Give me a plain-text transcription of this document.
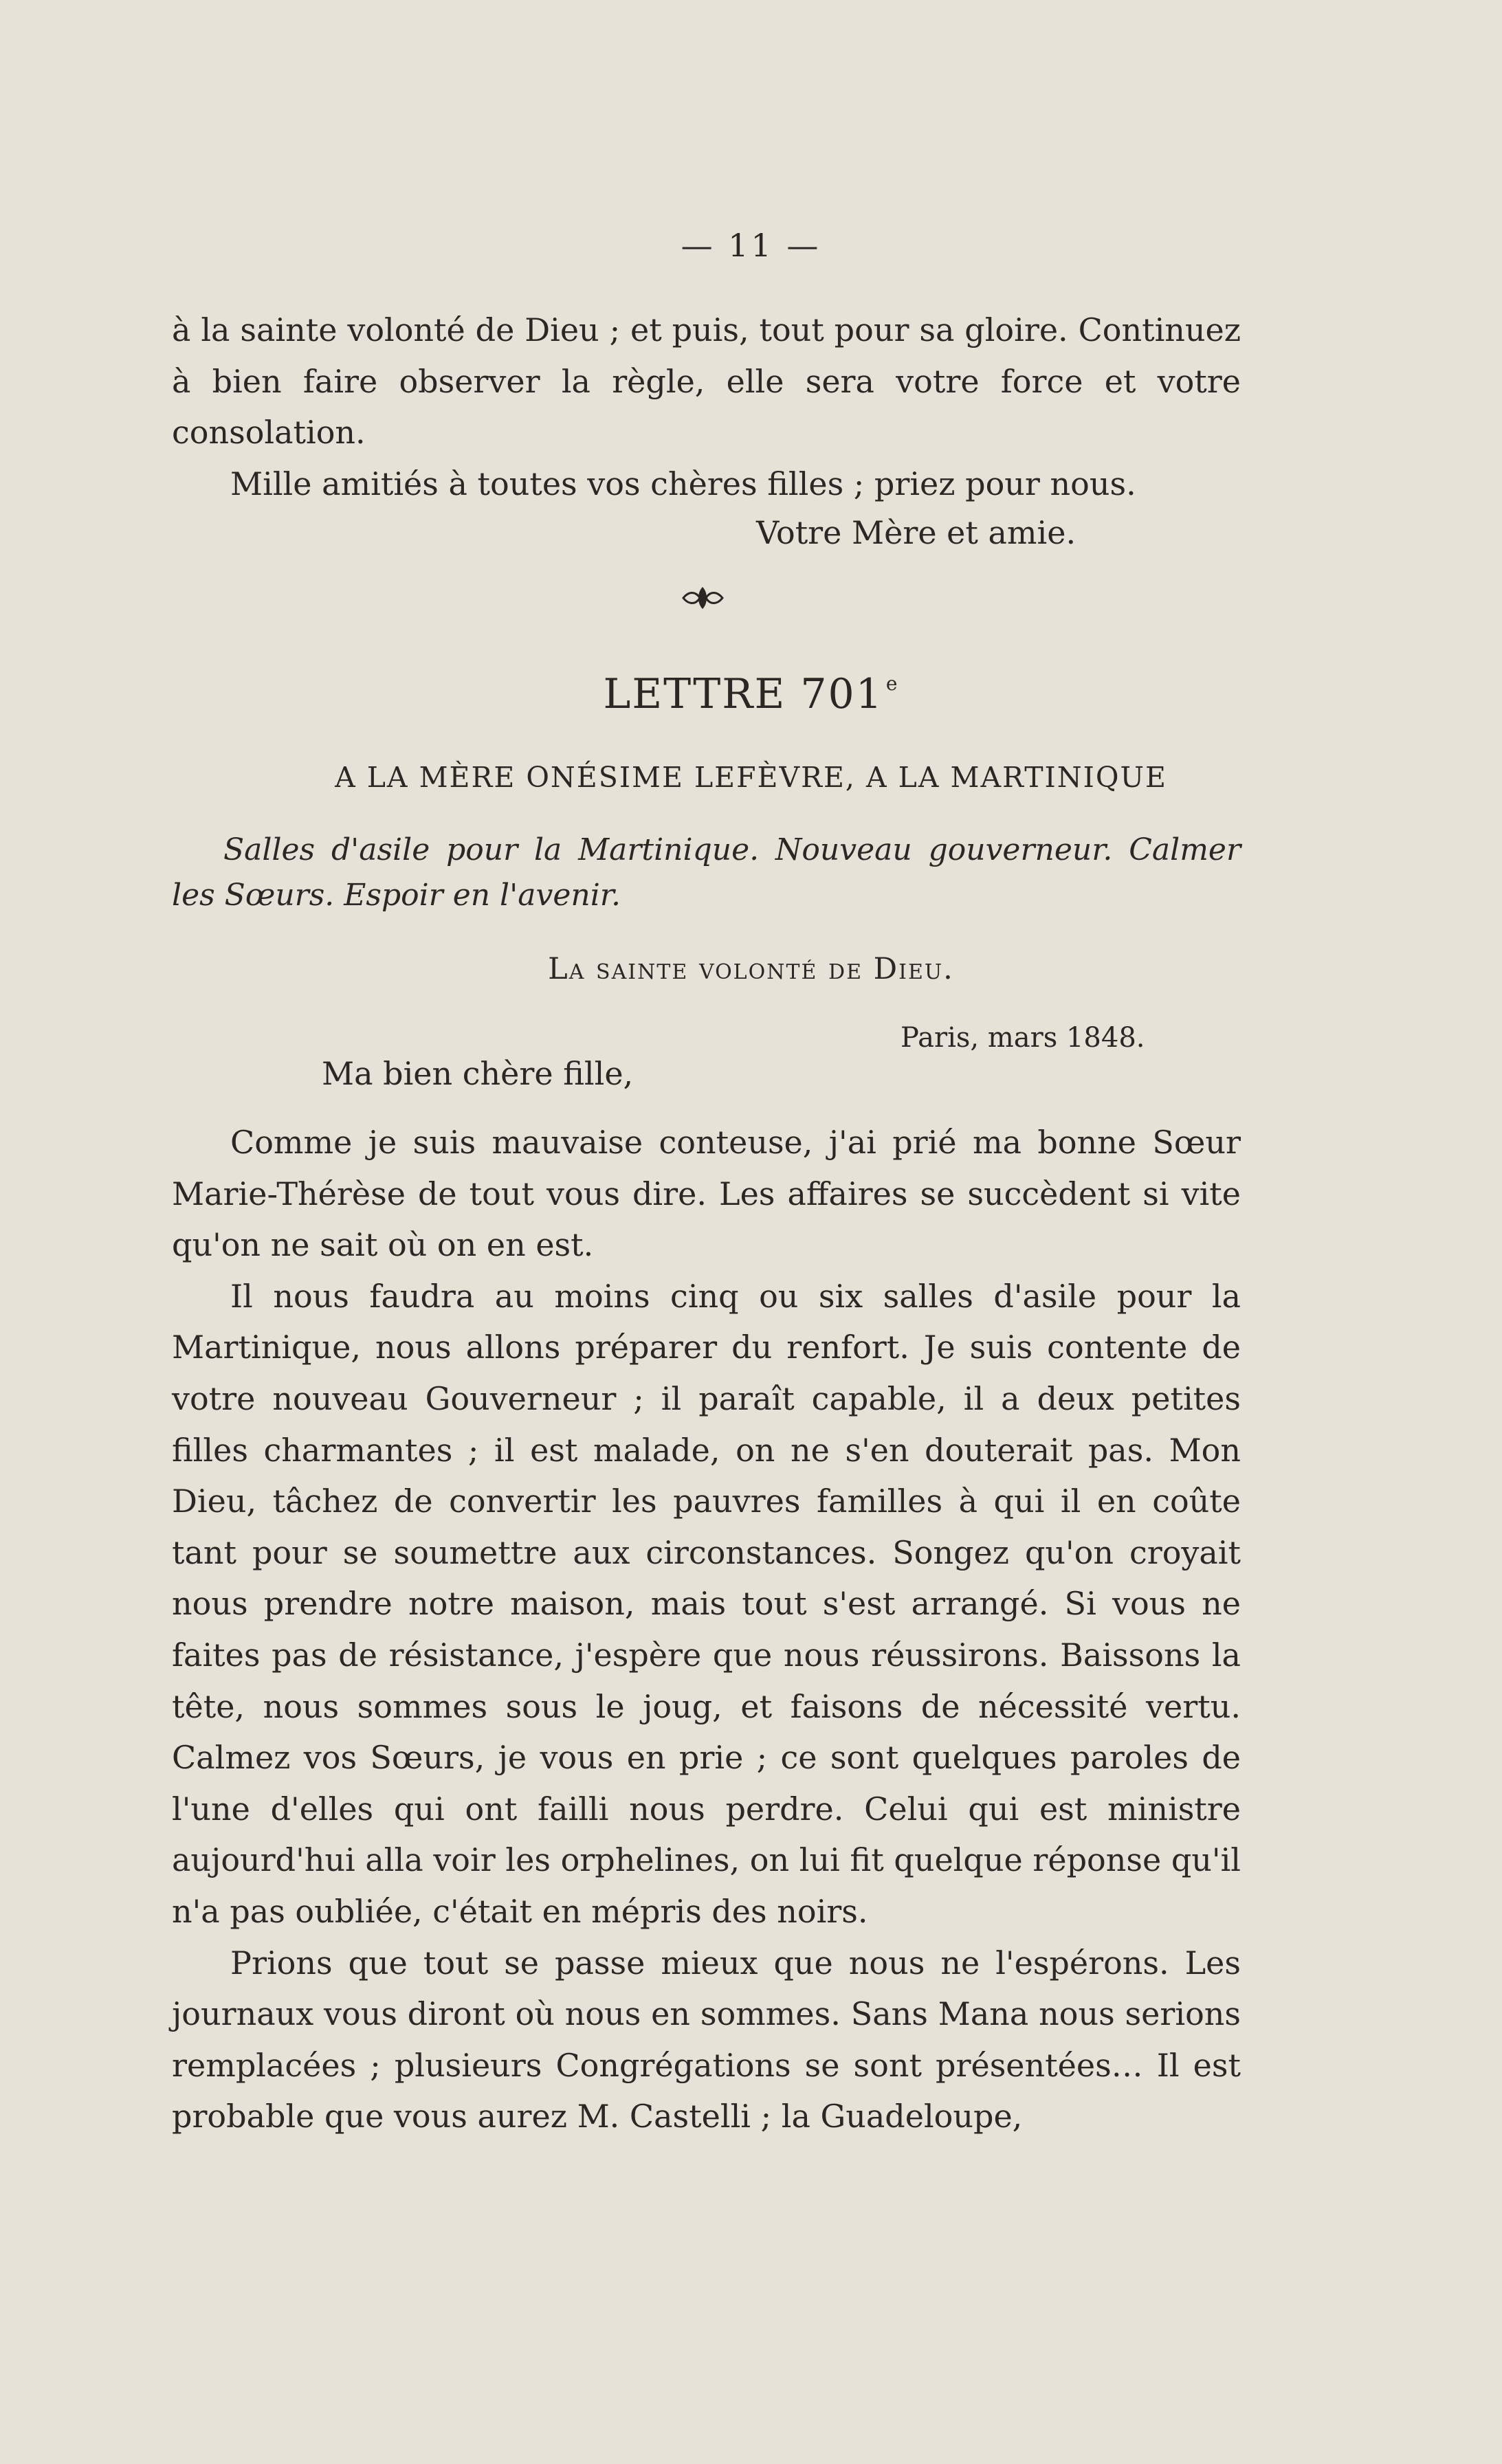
— 11 —

à la sainte volonté de Dieu ; et puis, tout pour sa gloire. Continuez à bien faire observer la règle, elle sera votre force et votre consolation.

Mille amitiés à toutes vos chères filles ; priez pour nous.

Votre Mère et amie.
LETTRE 701 $^e$
A LA MÈRE ONÉSIME LEFÈVRE, A LA MARTINIQUE
Salles d'asile pour la Martinique. Nouveau gouverneur. Calmer les Sœurs. Espoir en l'avenir.
La sainte volonté de Dieu.
Paris, mars 1848.
Ma bien chère fille,

Comme je suis mauvaise conteuse, j'ai prié ma bonne Sœur Marie-Thérèse de tout vous dire. Les affaires se succèdent si vite qu'on ne sait où on en est.

Il nous faudra au moins cinq ou six salles d'asile pour la Martinique, nous allons préparer du renfort. Je suis contente de votre nouveau Gouverneur ; il paraît capable, il a deux petites filles charmantes ; il est malade, on ne s'en douterait pas. Mon Dieu, tâchez de convertir les pauvres familles à qui il en coûte tant pour se soumettre aux circonstances. Songez qu'on croyait nous prendre notre maison, mais tout s'est arrangé. Si vous ne faites pas de résistance, j'espère que nous réussirons. Baissons la tête, nous sommes sous le joug, et faisons de nécessité vertu. Calmez vos Sœurs, je vous en prie ; ce sont quelques paroles de l'une d'elles qui ont failli nous perdre. Celui qui est ministre aujourd'hui alla voir les orphelines, on lui fit quelque réponse qu'il n'a pas oubliée, c'était en mépris des noirs.

Prions que tout se passe mieux que nous ne l'espérons. Les journaux vous diront où nous en sommes. Sans Mana nous serions remplacées ; plusieurs Congrégations se sont présentées… Il est probable que vous aurez M. Castelli ; la Guadeloupe,
